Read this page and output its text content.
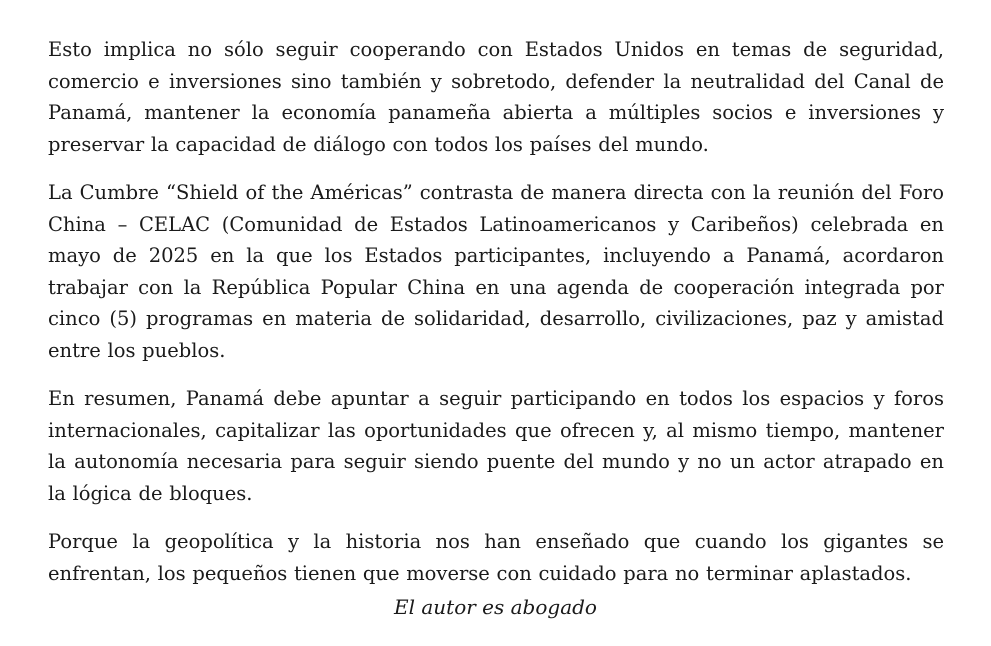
Esto implica no sólo seguir cooperando con Estados Unidos en temas de seguridad, comercio e inversiones sino también y sobretodo, defender la neutralidad del Canal de Panamá, mantener la economía panameña abierta a múltiples socios e inversiones y preservar la capacidad de diálogo con todos los países del mundo.

La Cumbre “Shield of the Américas” contrasta de manera directa con la reunión del Foro China – CELAC (Comunidad de Estados Latinoamericanos y Caribeños) celebrada en mayo de 2025 en la que los Estados participantes, incluyendo a Panamá, acordaron trabajar con la República Popular China en una agenda de cooperación integrada por cinco (5) programas en materia de solidaridad, desarrollo, civilizaciones, paz y amistad entre los pueblos.

En resumen, Panamá debe apuntar a seguir participando en todos los espacios y foros internacionales, capitalizar las oportunidades que ofrecen y, al mismo tiempo, mantener la autonomía necesaria para seguir siendo puente del mundo y no un actor atrapado en la lógica de bloques.

Porque la geopolítica y la historia nos han enseñado que cuando los gigantes se enfrentan, los pequeños tienen que moverse con cuidado para no terminar aplastados.

El autor es abogado
